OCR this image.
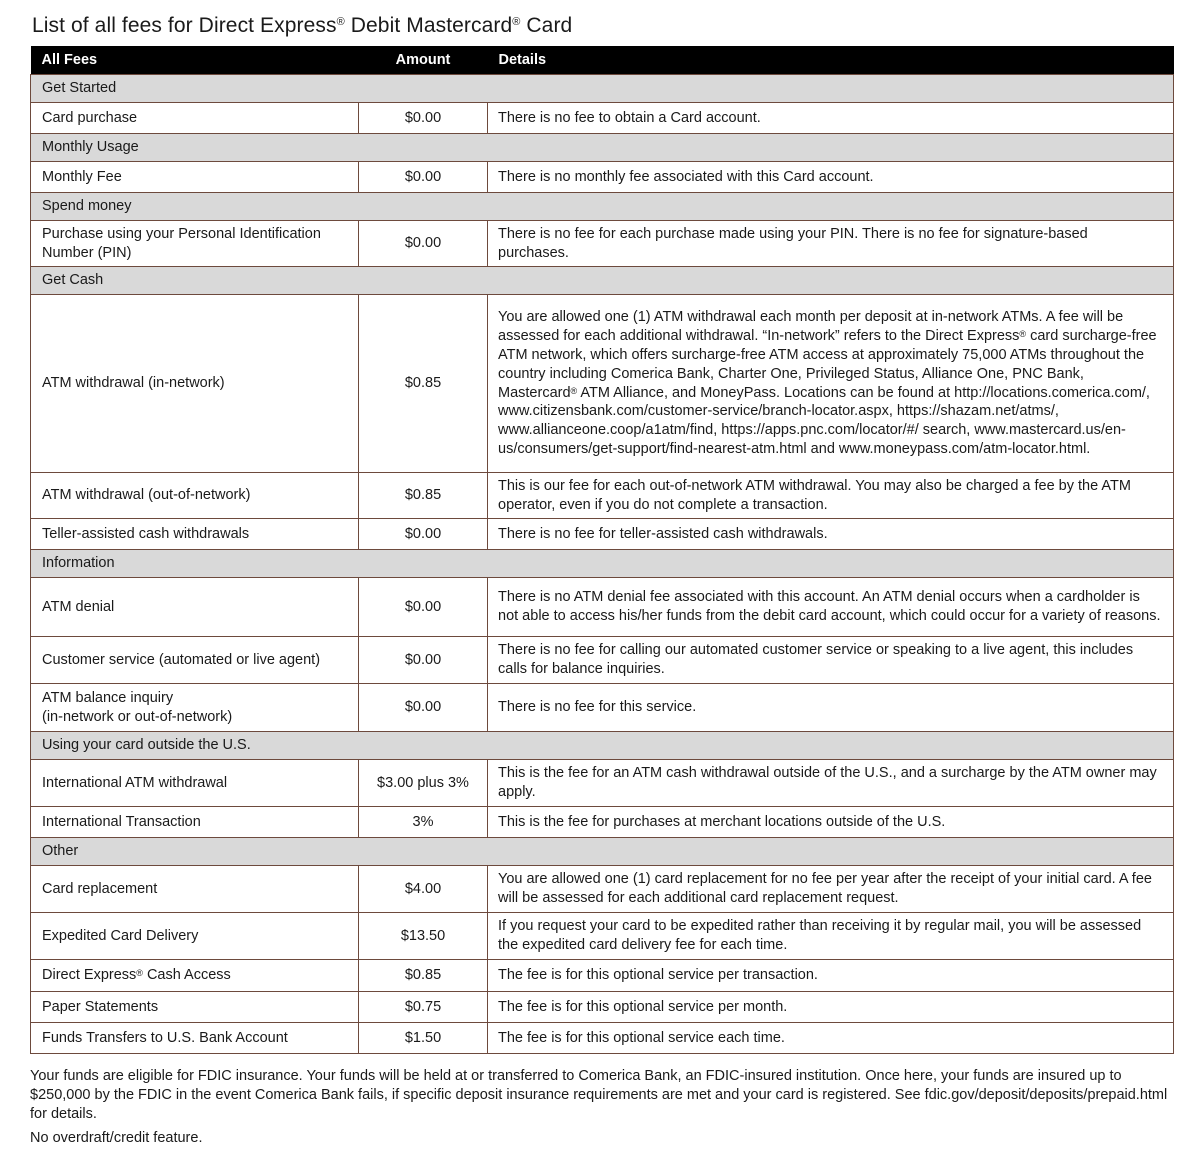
List of all fees for Direct Express® Debit Mastercard® Card
All Fees	Amount	Details
Get Started		
Card purchase	$0.00	There is no fee to obtain a Card account.
Monthly Usage		
Monthly Fee	$0.00	There is no monthly fee associated with this Card account.
Spend money		
Purchase using your Personal Identification Number (PIN)	$0.00	There is no fee for each purchase made using your PIN. There is no fee for signature-based purchases.
Get Cash		
ATM withdrawal (in-network)	$0.85	You are allowed one (1) ATM withdrawal each month per deposit at in-network ATMs. A fee will be assessed for each additional withdrawal. “In-network” refers to the Direct Express® card surcharge-free ATM network, which offers surcharge-free ATM access at approximately 75,000 ATMs throughout the country including Comerica Bank, Charter One, Privileged Status, Alliance One, PNC Bank, Mastercard® ATM Alliance, and MoneyPass. Locations can be found at http://locations.comerica.com/, www.citizensbank.com/customer-service/branch-locator.aspx, https://shazam.net/atms/, www.allianceone.coop/a1atm/find, https://apps.pnc.com/locator/#/ search, www.mastercard.us/en-us/consumers/get-support/find-nearest-atm.html and www.moneypass.com/atm-locator.html.
ATM withdrawal (out-of-network)	$0.85	This is our fee for each out-of-network ATM withdrawal. You may also be charged a fee by the ATM operator, even if you do not complete a transaction.
Teller-assisted cash withdrawals	$0.00	There is no fee for teller-assisted cash withdrawals.
Information		
ATM denial	$0.00	There is no ATM denial fee associated with this account. An ATM denial occurs when a cardholder is not able to access his/her funds from the debit card account, which could occur for a variety of reasons.
Customer service (automated or live agent)	$0.00	There is no fee for calling our automated customer service or speaking to a live agent, this includes calls for balance inquiries.
ATM balance inquiry
(in-network or out-of-network)	$0.00	There is no fee for this service.
Using your card outside the U.S.		
International ATM withdrawal	$3.00 plus 3%	This is the fee for an ATM cash withdrawal outside of the U.S., and a surcharge by the ATM owner may apply.
International Transaction	3%	This is the fee for purchases at merchant locations outside of the U.S.
Other		
Card replacement	$4.00	You are allowed one (1) card replacement for no fee per year after the receipt of your initial card. A fee will be assessed for each additional card replacement request.
Expedited Card Delivery	$13.50	If you request your card to be expedited rather than receiving it by regular mail, you will be assessed the expedited card delivery fee for each time.
Direct Express® Cash Access	$0.85	The fee is for this optional service per transaction.
Paper Statements	$0.75	The fee is for this optional service per month.
Funds Transfers to U.S. Bank Account	$1.50	The fee is for this optional service each time.

Your funds are eligible for FDIC insurance. Your funds will be held at or transferred to Comerica Bank, an FDIC-insured institution. Once here, your funds are insured up to $250,000 by the FDIC in the event Comerica Bank fails, if specific deposit insurance requirements are met and your card is registered. See fdic.gov/deposit/deposits/prepaid.html for details.

No overdraft/credit feature.
